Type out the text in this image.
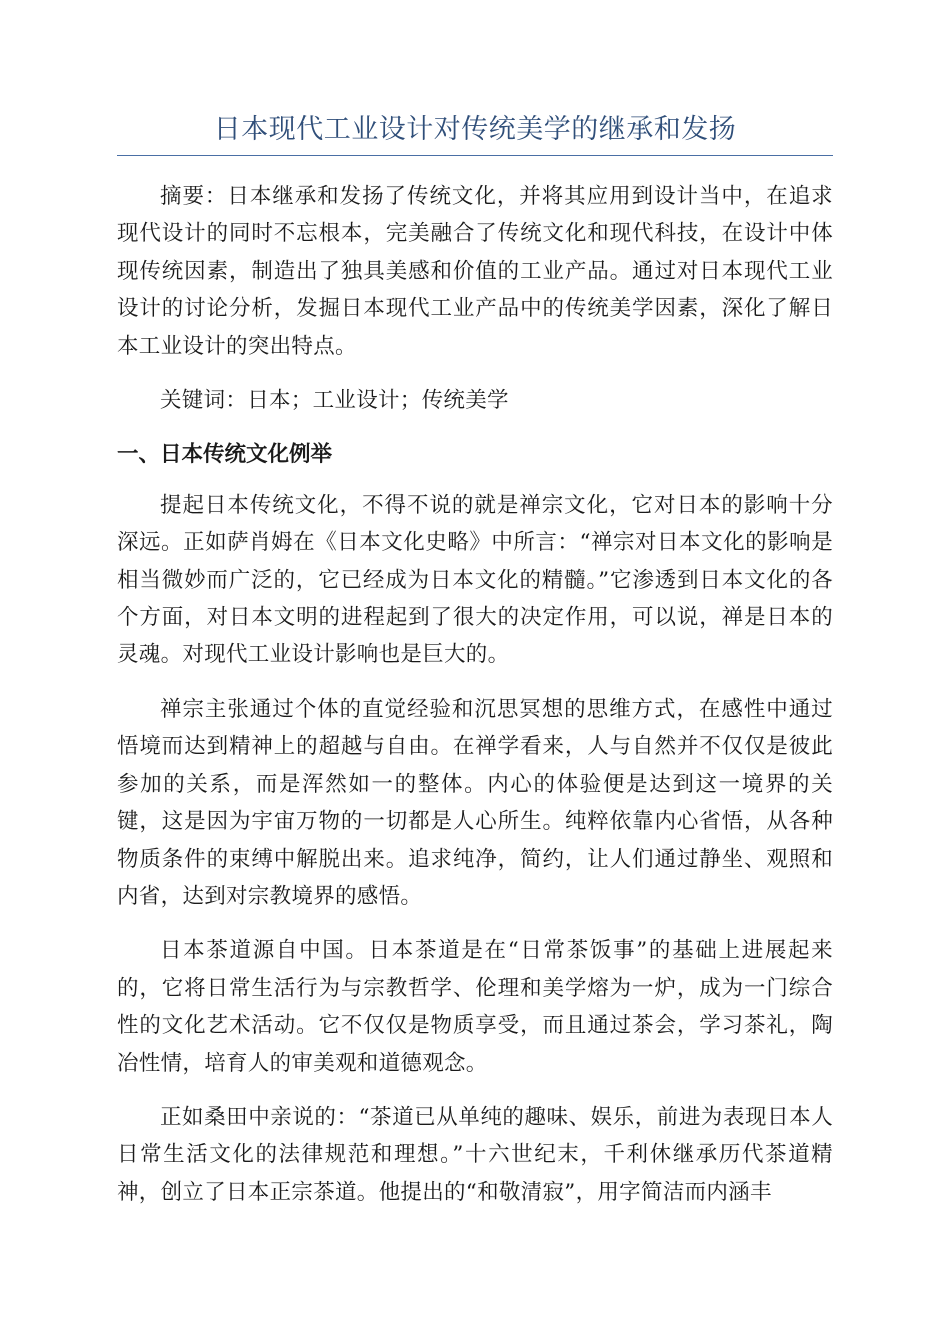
日本现代工业设计对传统美学的继承和发扬

摘要：日本继承和发扬了传统文化，并将其应用到设计当中，在追求现代设计的同时不忘根本，完美融合了传统文化和现代科技，在设计中体现传统因素，制造出了独具美感和价值的工业产品。通过对日本现代工业设计的讨论分析，发掘日本现代工业产品中的传统美学因素，深化了解日本工业设计的突出特点。

关键词：日本；工业设计；传统美学

一、日本传统文化例举

提起日本传统文化，不得不说的就是禅宗文化，它对日本的影响十分深远。正如萨肖姆在《日本文化史略》中所言：“禅宗对日本文化的影响是相当微妙而广泛的，它已经成为日本文化的精髓。”它渗透到日本文化的各个方面，对日本文明的进程起到了很大的决定作用，可以说，禅是日本的灵魂。对现代工业设计影响也是巨大的。

禅宗主张通过个体的直觉经验和沉思冥想的思维方式，在感性中通过悟境而达到精神上的超越与自由。在禅学看来，人与自然并不仅仅是彼此参加的关系，而是浑然如一的整体。内心的体验便是达到这一境界的关键，这是因为宇宙万物的一切都是人心所生。纯粹依靠内心省悟，从各种物质条件的束缚中解脱出来。追求纯净，简约，让人们通过静坐、观照和内省，达到对宗教境界的感悟。

日本茶道源自中国。日本茶道是在“日常茶饭事”的基础上进展起来的，它将日常生活行为与宗教哲学、伦理和美学熔为一炉，成为一门综合性的文化艺术活动。它不仅仅是物质享受，而且通过茶会，学习茶礼，陶冶性情，培育人的审美观和道德观念。

正如桑田中亲说的：“茶道已从单纯的趣味、娱乐，前进为表现日本人日常生活文化的法律规范和理想。”十六世纪末，千利休继承历代茶道精神，创立了日本正宗茶道。他提出的“和敬清寂”，用字简洁而内涵丰
